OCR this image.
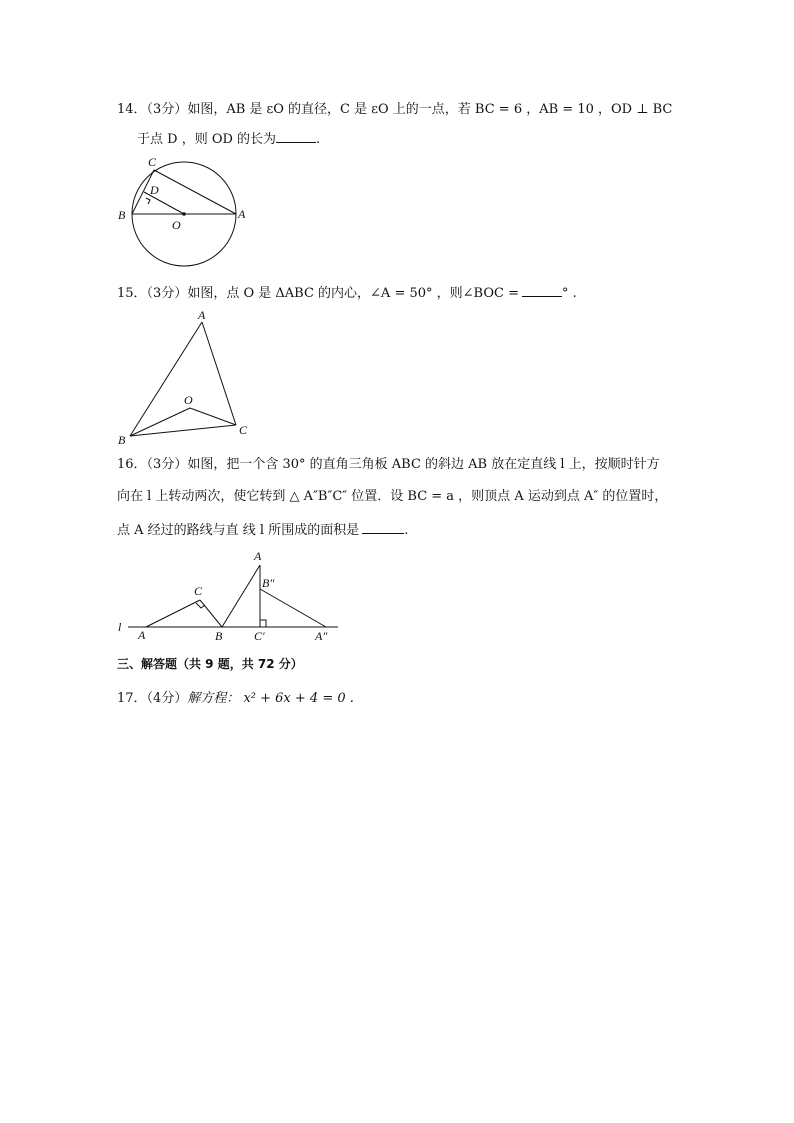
14．（3分）如图，AB 是 εO 的直径，C 是 εO 上的一点，若 BC = 6 ，AB = 10 ，OD ⊥ BC
于点 D ，则 OD 的长为	.
C
D
B
O
A
15．（3分）如图，点 O 是 ΔABC 的内心，∠A = 50° ，则∠BOC =	° .
A
O
B
C
16．（3分）如图，把一个含 30° 的直角三角板 ABC 的斜边 AB 放在定直线 l 上，按顺时针方
向在 l 上转动两次，使它转到 △ A″B″C″ 位置．设 BC = a ，则顶点 A 运动到点 A″ 的位置时，
点 A 经过的路线与直 线 l 所围成的面积是	.
l
A
C
B
A
B″
C′	A″
三、解答题（共 9 题，共 72 分）
17．（4分）解方程： x² + 6x + 4 = 0 .
